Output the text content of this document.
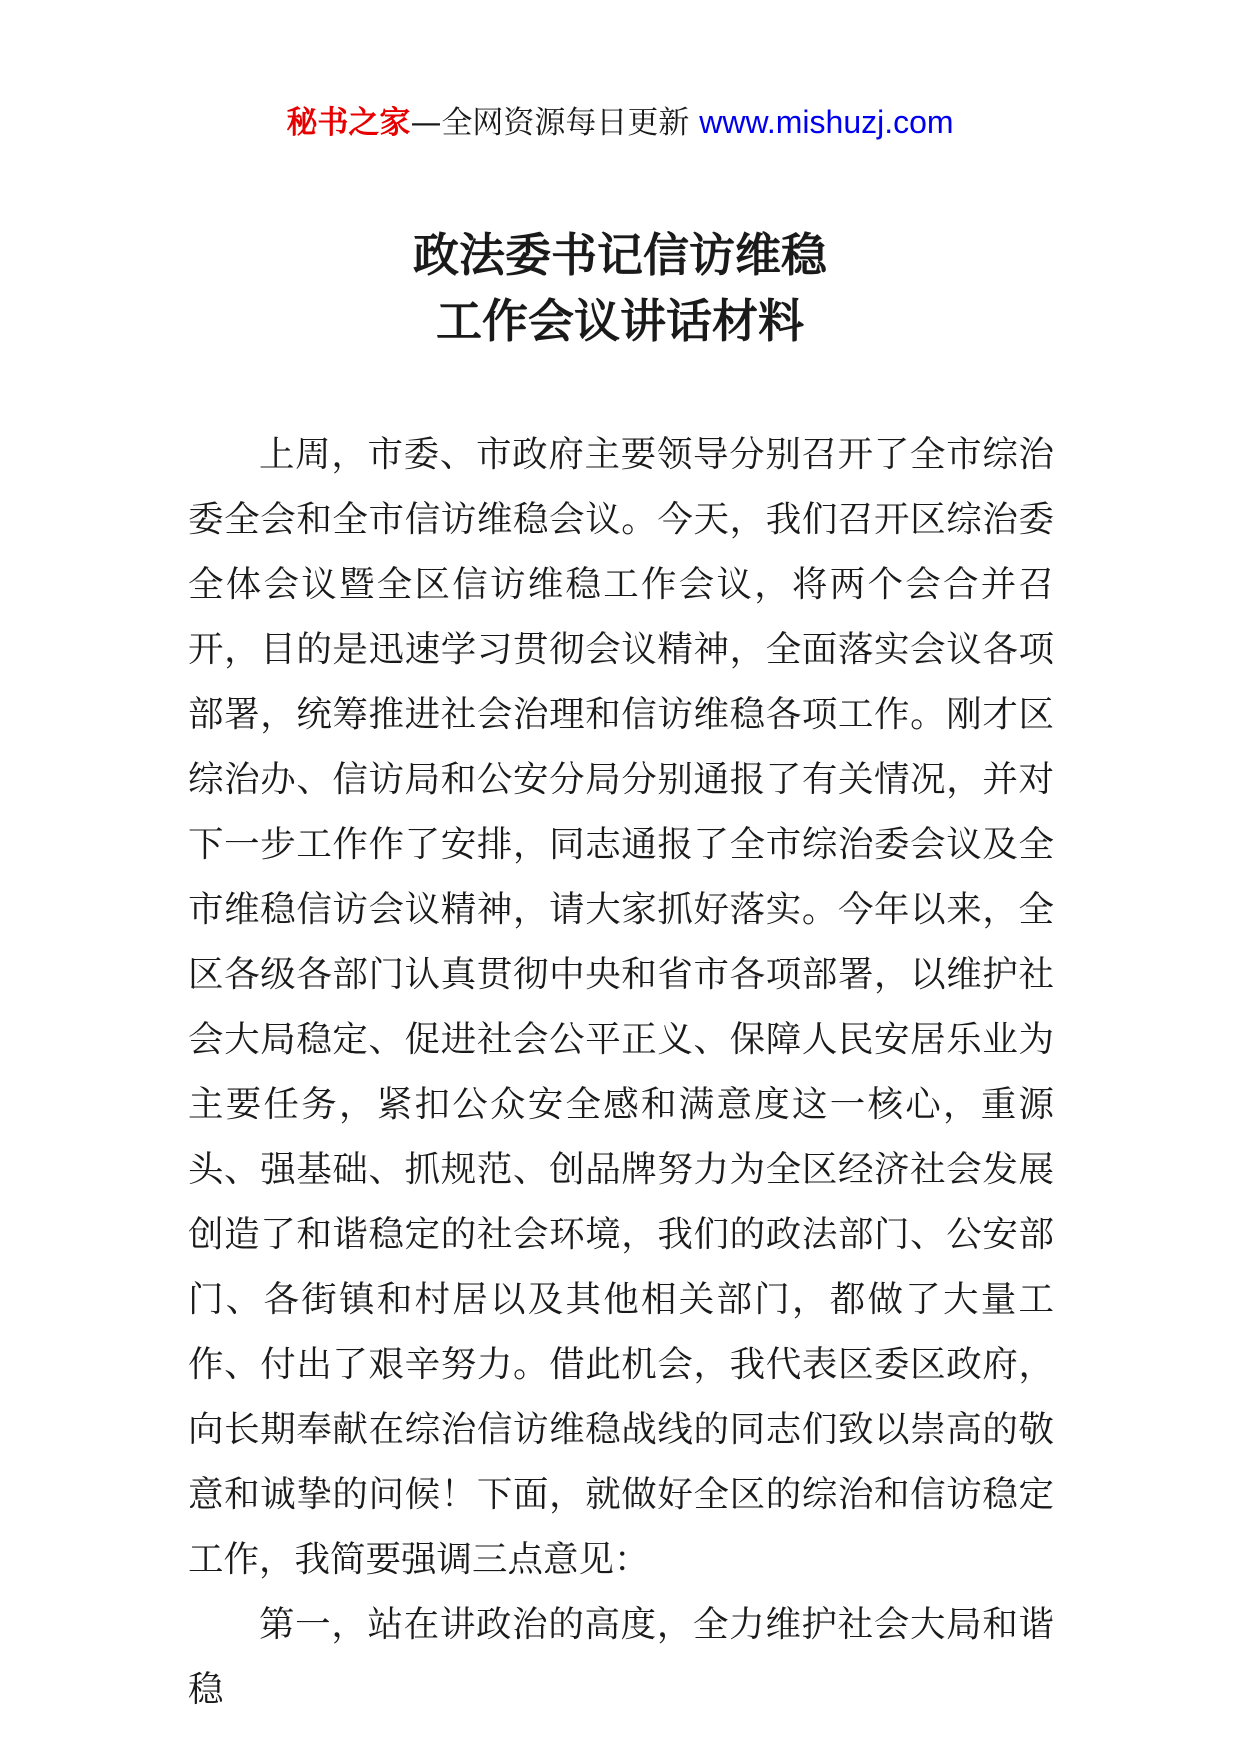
秘书之家—全网资源每日更新 www.mishuzj.com
政法委书记信访维稳
工作会议讲话材料

上周，市委、市政府主要领导分别召开了全市综治委全会和全市信访维稳会议。今天，我们召开区综治委全体会议暨全区信访维稳工作会议，将两个会合并召开，目的是迅速学习贯彻会议精神，全面落实会议各项部署，统筹推进社会治理和信访维稳各项工作。刚才区综治办、信访局和公安分局分别通报了有关情况，并对下一步工作作了安排，同志通报了全市综治委会议及全市维稳信访会议精神，请大家抓好落实。今年以来，全区各级各部门认真贯彻中央和省市各项部署，以维护社会大局稳定、促进社会公平正义、保障人民安居乐业为主要任务，紧扣公众安全感和满意度这一核心，重源头、强基础、抓规范、创品牌努力为全区经济社会发展创造了和谐稳定的社会环境，我们的政法部门、公安部门、各街镇和村居以及其他相关部门，都做了大量工作、付出了艰辛努力。借此机会，我代表区委区政府，向长期奉献在综治信访维稳战线的同志们致以崇高的敬意和诚挚的问候！下面，就做好全区的综治和信访稳定工作，我简要强调三点意见：

第一，站在讲政治的高度，全力维护社会大局和谐稳
